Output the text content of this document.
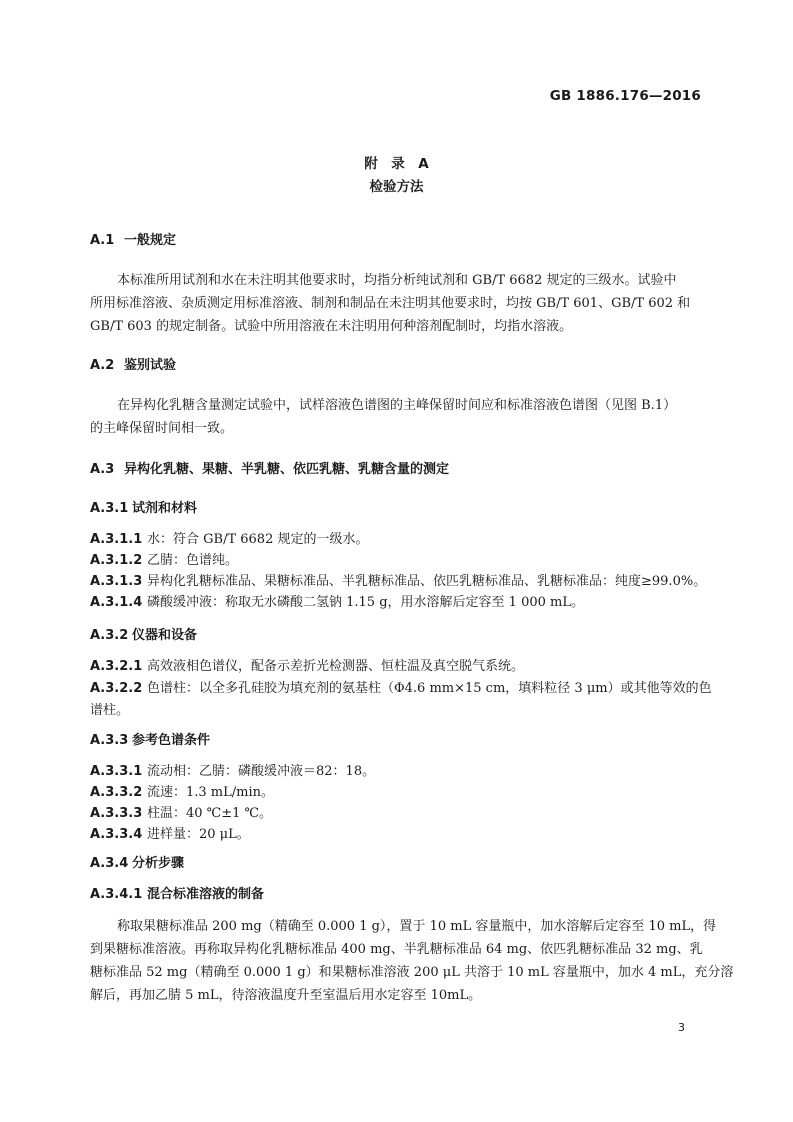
GB 1886.176—2016
附　录　A
检验方法
A.1 一般规定
本标准所用试剂和水在未注明其他要求时，均指分析纯试剂和 GB/T 6682 规定的三级水。试验中
所用标准溶液、杂质测定用标准溶液、制剂和制品在未注明其他要求时，均按 GB/T 601、GB/T 602 和
GB/T 603 的规定制备。试验中所用溶液在未注明用何种溶剂配制时，均指水溶液。
A.2 鉴别试验
在异构化乳糖含量测定试验中，试样溶液色谱图的主峰保留时间应和标准溶液色谱图（见图 B.1）
的主峰保留时间相一致。
A.3 异构化乳糖、果糖、半乳糖、依匹乳糖、乳糖含量的测定
A.3.1 试剂和材料
A.3.1.1 水：符合 GB/T 6682 规定的一级水。
A.3.1.2 乙腈：色谱纯。
A.3.1.3 异构化乳糖标准品、果糖标准品、半乳糖标准品、依匹乳糖标准品、乳糖标准品：纯度≥99.0%。
A.3.1.4 磷酸缓冲液：称取无水磷酸二氢钠 1.15 g，用水溶解后定容至 1 000 mL。
A.3.2 仪器和设备
A.3.2.1 高效液相色谱仪，配备示差折光检测器、恒柱温及真空脱气系统。
A.3.2.2 色谱柱：以全多孔硅胶为填充剂的氨基柱（Φ4.6 mm×15 cm，填料粒径 3 μm）或其他等效的色
谱柱。
A.3.3 参考色谱条件
A.3.3.1 流动相：乙腈：磷酸缓冲液＝82：18。
A.3.3.2 流速：1.3 mL/min。
A.3.3.3 柱温：40 ℃±1 ℃。
A.3.3.4 进样量：20 μL。
A.3.4 分析步骤
A.3.4.1 混合标准溶液的制备
称取果糖标准品 200 mg（精确至 0.000 1 g），置于 10 mL 容量瓶中，加水溶解后定容至 10 mL，得
到果糖标准溶液。再称取异构化乳糖标准品 400 mg、半乳糖标准品 64 mg、依匹乳糖标准品 32 mg、乳
糖标准品 52 mg（精确至 0.000 1 g）和果糖标准溶液 200 μL 共溶于 10 mL 容量瓶中，加水 4 mL，充分溶
解后，再加乙腈 5 mL，待溶液温度升至室温后用水定容至 10mL。
3
